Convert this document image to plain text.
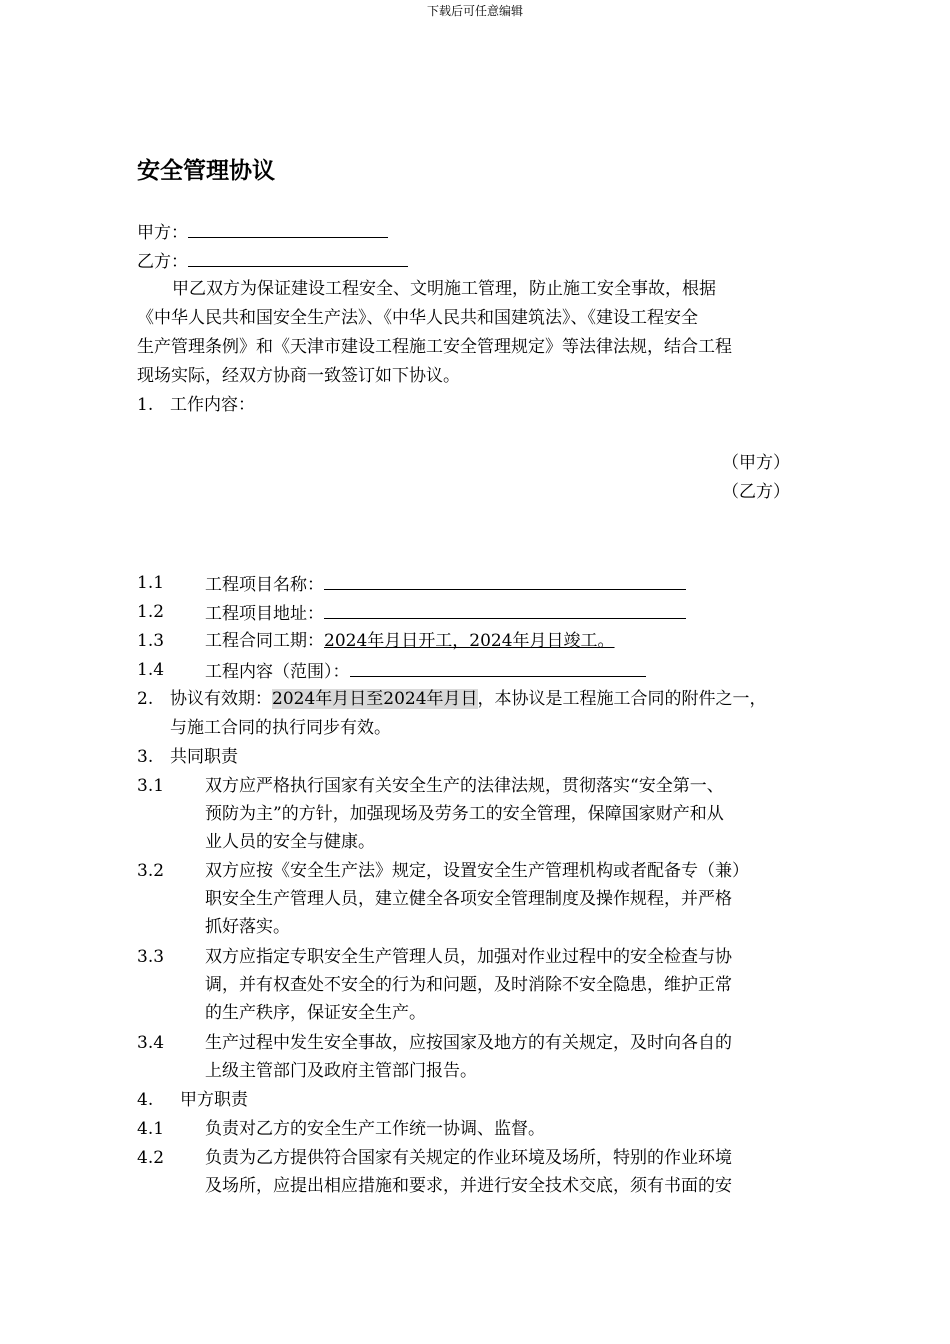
下载后可任意编辑
安全管理协议
甲方：
乙方：
甲乙双方为保证建设工程安全、文明施工管理，防止施工安全事故，根据
《中华人民共和国安全生产法》、《中华人民共和国建筑法》、《建设工程安全
生产管理条例》和《天津市建设工程施工安全管理规定》等法律法规，结合工程
现场实际，经双方协商一致签订如下协议。
1. 工作内容：
（甲方）
（乙方）
1.1 工程项目名称：
1.2 工程项目地址：
1.3 工程合同工期：2024年月日开工，2024年月日竣工。
1.4 工程内容（范围）：
2. 协议有效期：2024年月日至2024年月日，本协议是工程施工合同的附件之一，
与施工合同的执行同步有效。
3. 共同职责
3.1 双方应严格执行国家有关安全生产的法律法规，贯彻落实“安全第一、
预防为主”的方针，加强现场及劳务工的安全管理，保障国家财产和从
业人员的安全与健康。
3.2 双方应按《安全生产法》规定，设置安全生产管理机构或者配备专（兼）
职安全生产管理人员，建立健全各项安全管理制度及操作规程，并严格
抓好落实。
3.3 双方应指定专职安全生产管理人员，加强对作业过程中的安全检查与协
调，并有权查处不安全的行为和问题，及时消除不安全隐患，维护正常
的生产秩序，保证安全生产。
3.4 生产过程中发生安全事故，应按国家及地方的有关规定，及时向各自的
上级主管部门及政府主管部门报告。
4. 甲方职责
4.1 负责对乙方的安全生产工作统一协调、监督。
4.2 负责为乙方提供符合国家有关规定的作业环境及场所，特别的作业环境
及场所，应提出相应措施和要求，并进行安全技术交底，须有书面的安
